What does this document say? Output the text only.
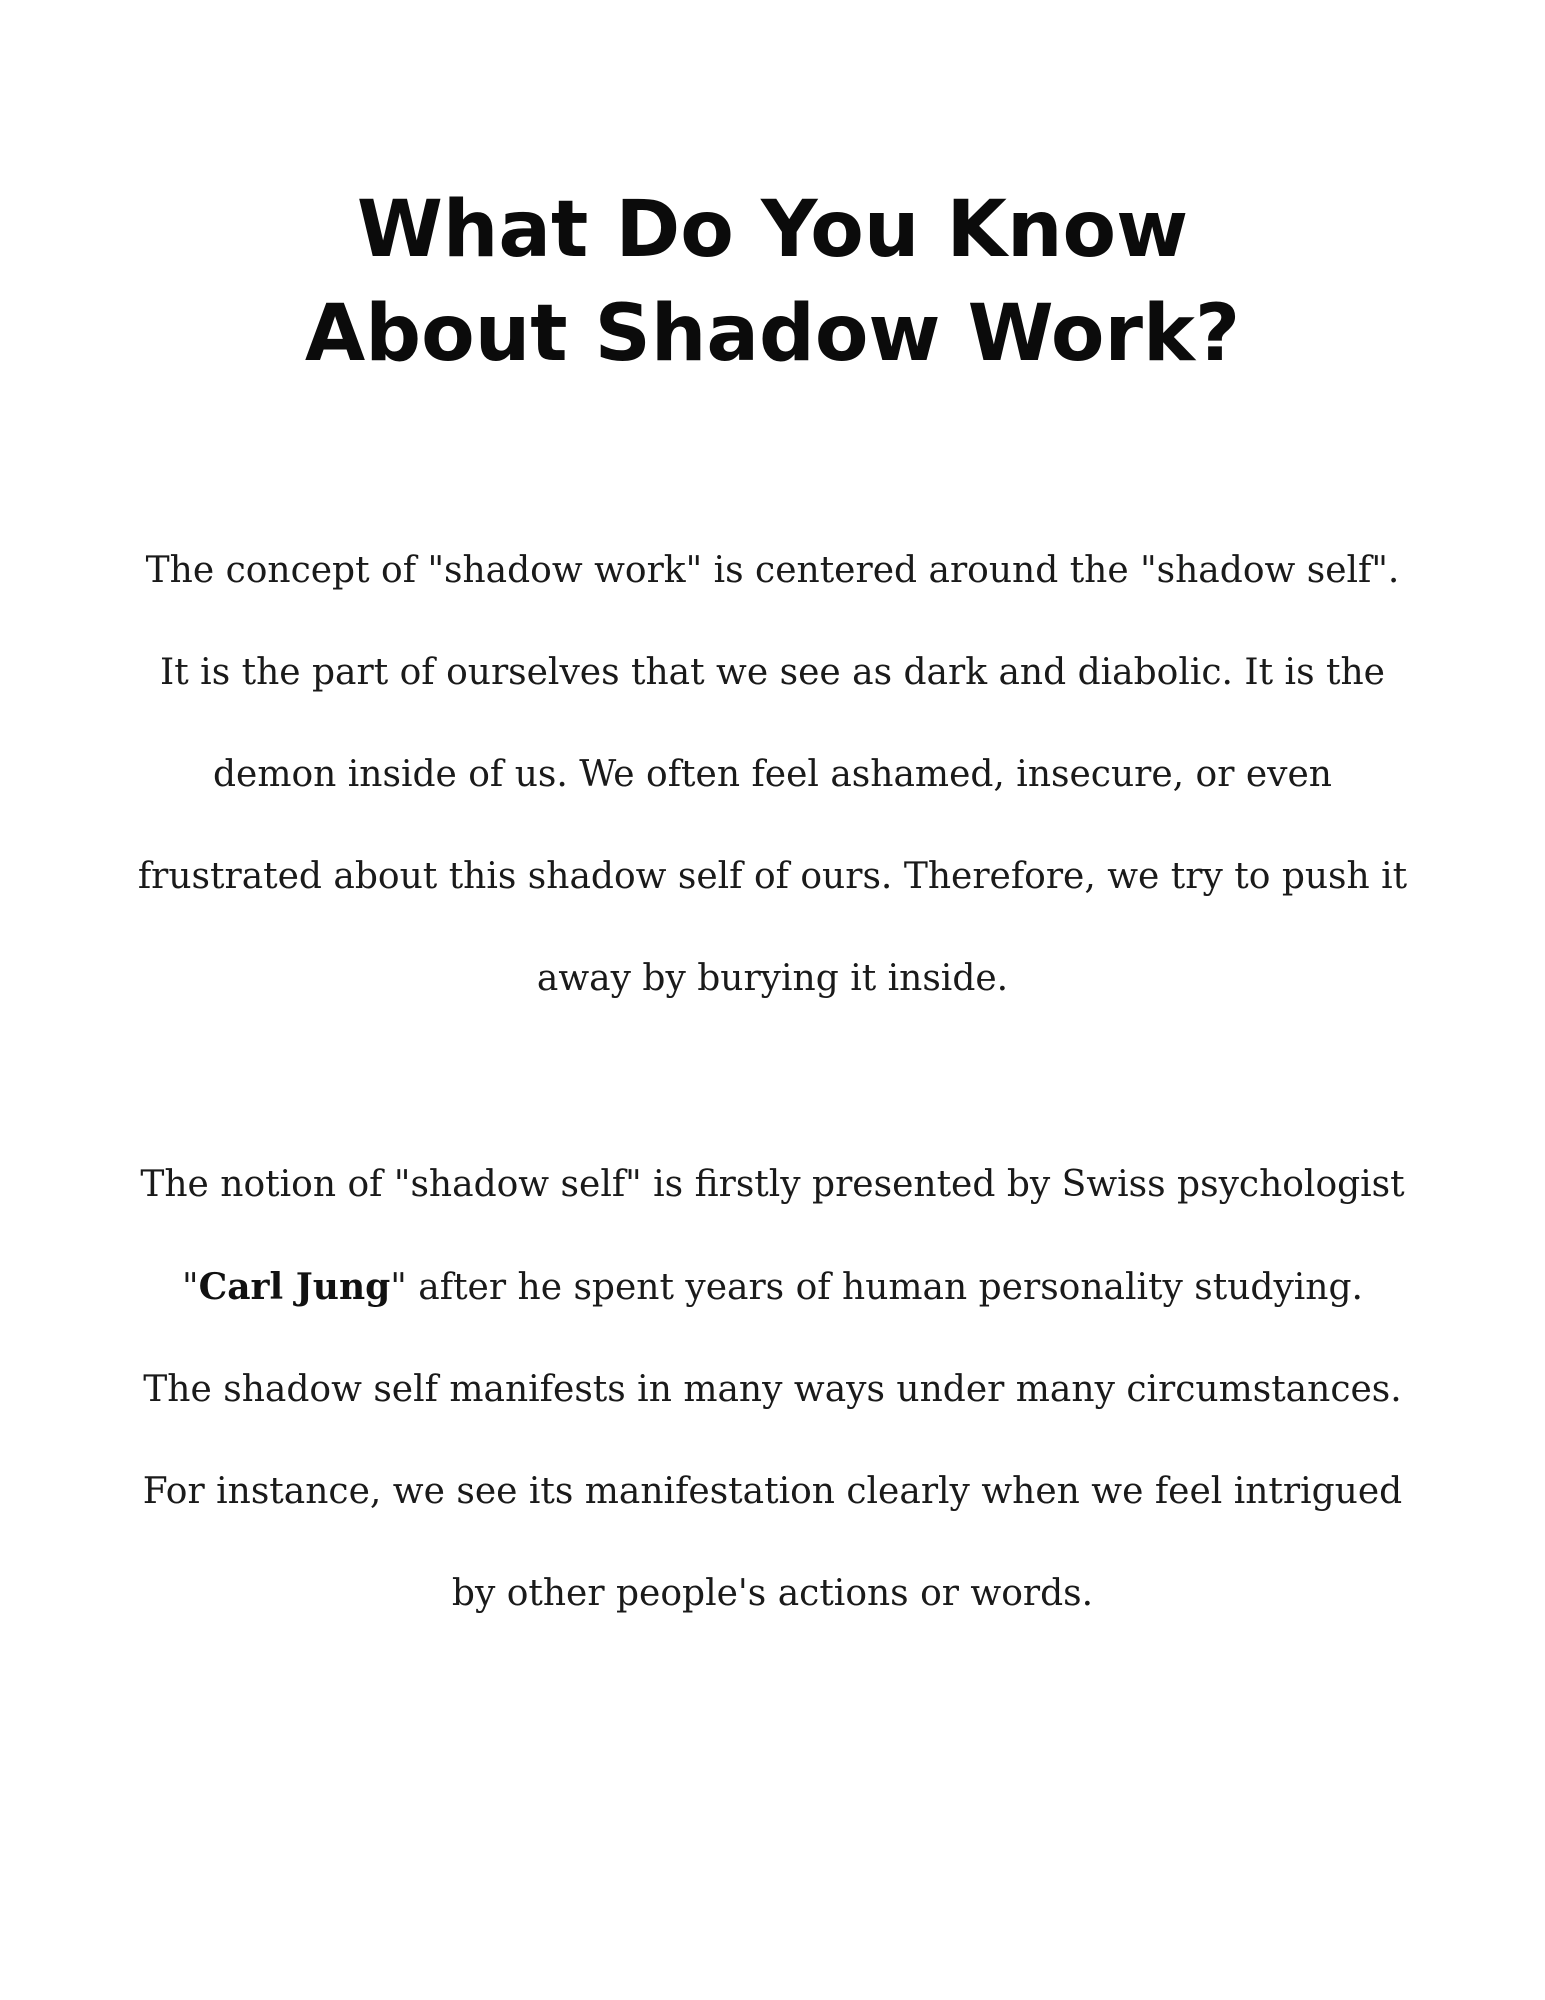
What Do You Know
About Shadow Work?

The concept of "shadow work" is centered around the "shadow self".
It is the part of ourselves that we see as dark and diabolic. It is the
demon inside of us. We often feel ashamed, insecure, or even
frustrated about this shadow self of ours. Therefore, we try to push it
away by burying it inside.

The notion of "shadow self" is firstly presented by Swiss psychologist
"Carl Jung" after he spent years of human personality studying.
The shadow self manifests in many ways under many circumstances.
For instance, we see its manifestation clearly when we feel intrigued
by other people's actions or words.
